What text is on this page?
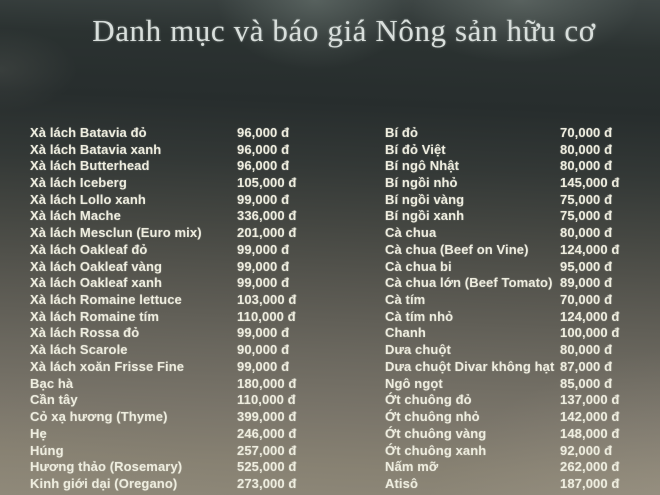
Danh mục và báo giá Nông sản hữu cơ
Xà lách Batavia đỏ	96,000 đ
Xà lách Batavia xanh	96,000 đ
Xà lách Butterhead	96,000 đ
Xà lách Iceberg	105,000 đ
Xà lách Lollo xanh	99,000 đ
Xà lách Mache	336,000 đ
Xà lách Mesclun (Euro mix)	201,000 đ
Xà lách Oakleaf đỏ	99,000 đ
Xà lách Oakleaf vàng	99,000 đ
Xà lách Oakleaf xanh	99,000 đ
Xà lách Romaine lettuce	103,000 đ
Xà lách Romaine tím	110,000 đ
Xà lách Rossa đỏ	99,000 đ
Xà lách Scarole	90,000 đ
Xà lách xoăn Frisse Fine	99,000 đ
Bạc hà	180,000 đ
Cần tây	110,000 đ
Cỏ xạ hương (Thyme)	399,000 đ
Hẹ	246,000 đ
Húng	257,000 đ
Hương thảo (Rosemary)	525,000 đ
Kinh giới dại (Oregano)	273,000 đ
Bí đỏ	70,000 đ
Bí đỏ Việt	80,000 đ
Bí ngô Nhật	80,000 đ
Bí ngồi nhỏ	145,000 đ
Bí ngồi vàng	75,000 đ
Bí ngồi xanh	75,000 đ
Cà chua	80,000 đ
Cà chua (Beef on Vine)	124,000 đ
Cà chua bi	95,000 đ
Cà chua lớn (Beef Tomato) 89,000 đ
Cà tím	70,000 đ
Cà tím nhỏ	124,000 đ
Chanh	100,000 đ
Dưa chuột	80,000 đ
Dưa chuột Divar không hạt 87,000 đ
Ngô ngọt	85,000 đ
Ớt chuông đỏ	137,000 đ
Ớt chuông nhỏ	142,000 đ
Ớt chuông vàng	148,000 đ
Ớt chuông xanh	92,000 đ
Nấm mỡ	262,000 đ
Atisô	187,000 đ
